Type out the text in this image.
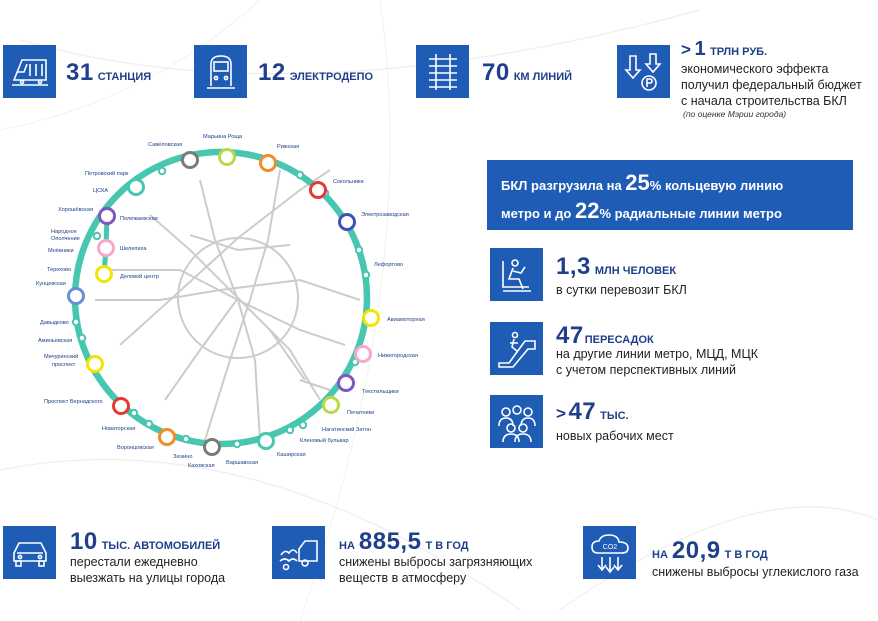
31 СТАНЦИЯ	12 ЭЛЕКТРОДЕПО	70 КМ ЛИНИЙ
> 1 ТРЛН РУБ.
экономического эффекта
получил федеральный бюджет
с начала строительства БКЛ
(по оценке Мэрии города)
БКЛ разгрузила на 25% кольцевую линию
метро и до 22% радиальные линии метро
1,3 МЛН ЧЕЛОВЕК
в сутки перевозит БКЛ
47ПЕРЕСАДОК
на другие линии метро, МЦД, МЦК
с учетом перспективных линий
>47 ТЫС.
новых рабочих мест
10 ТЫС. АВТОМОБИЛЕЙ
перестали ежедневно
выезжать на улицы города
НА 885,5 Т В ГОД
снижены выбросы загрязняющих
веществ в атмосферу
CO2
НА 20,9 Т В ГОД
снижены выбросы углекислого газа
Савёловская
Марьина Роща
Рижская
Сокольники
Электрозаводская
Лефортово
Авиамоторная
Нижегородская
Текстильщики
Печатники
Нагатинский Затон
Кленовый бульвар
Каширская
Варшавская
Каховская
Зюзино
Воронцовская
Новаторская
Проспект Вернадского
Мичуринский
проспект
Аминьевская
Давыдково
Кунцевская
Терехово
Мнёвники
Народное
Ополчение
Хорошёвская
ЦСКА
Петровский парк
Полежаевская
Шелепиха
Деловой центр
